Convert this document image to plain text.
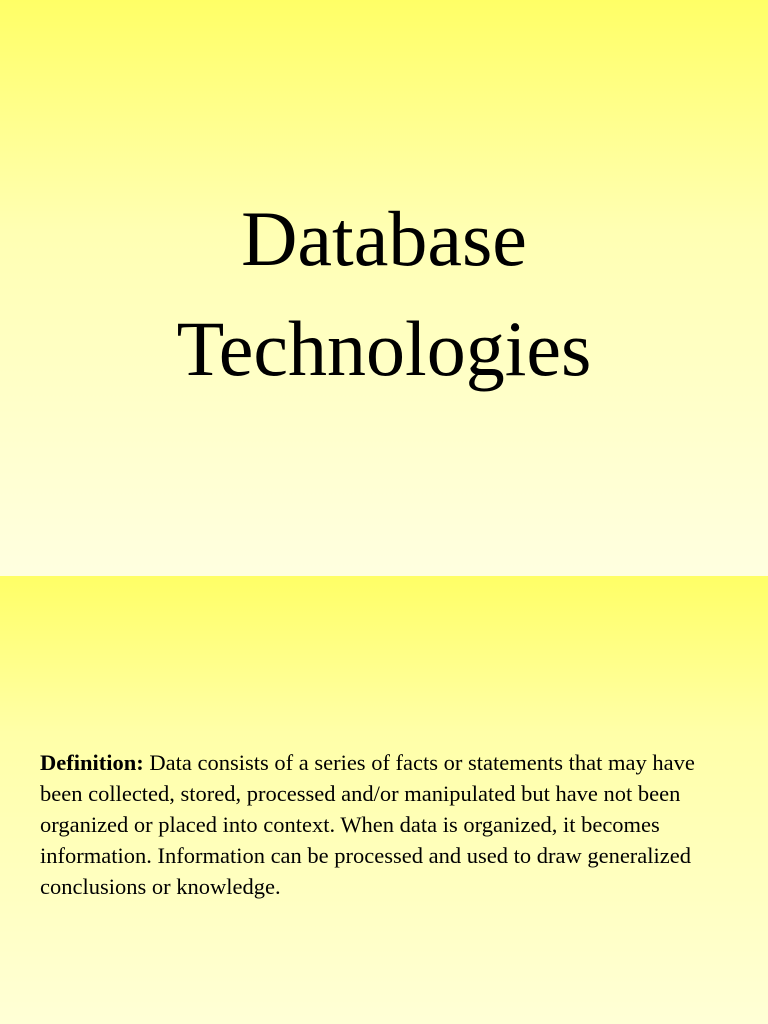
Database
Technologies

Definition: Data consists of a series of facts or statements that may have been collected, stored, processed and/or manipulated but have not been organized or placed into context. When data is organized, it becomes information. Information can be processed and used to draw generalized conclusions or knowledge.
